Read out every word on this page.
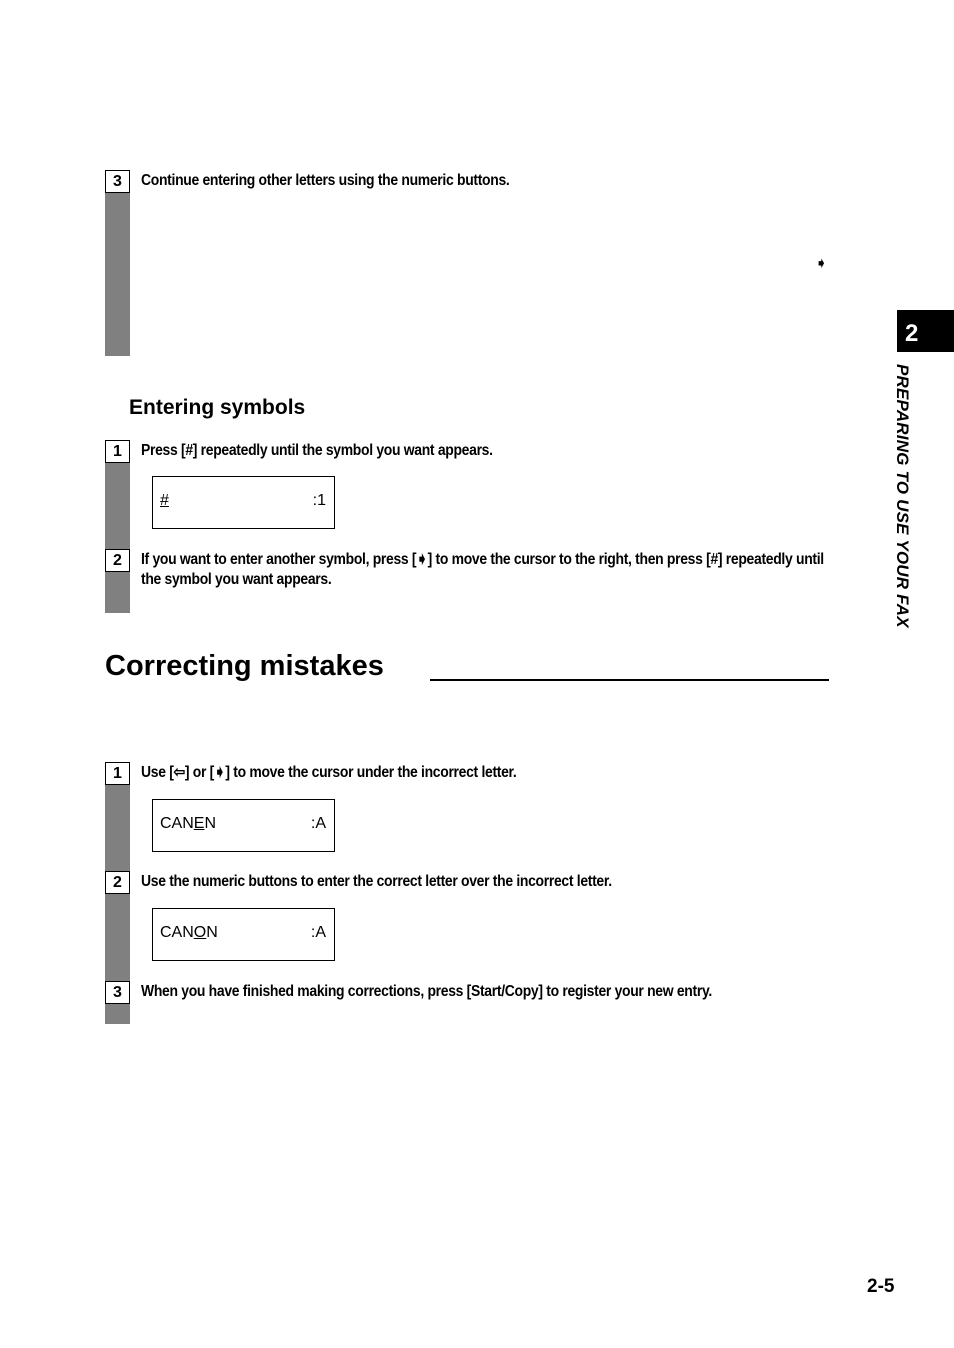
3	Continue entering other letters using the numeric buttons.
➧
Entering symbols
1	Press [#] repeatedly until the symbol you want appears.
#	:1
2	If you want to enter another symbol, press [➧] to move the cursor to the right, then press [#] repeatedly until the symbol you want appears.
Correcting mistakes
1	Use [⇦] or [➧] to move the cursor under the incorrect letter.
CANEN	:A
2	Use the numeric buttons to enter the correct letter over the incorrect letter.
CANON	:A
3	When you have finished making corrections, press [Start/Copy] to register your new entry.
2
PREPARING TO USE YOUR FAX
2-5
